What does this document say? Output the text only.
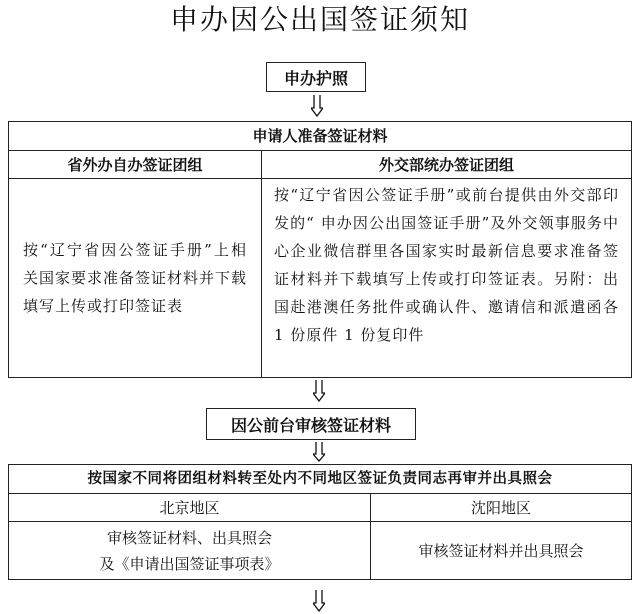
申办因公出国签证须知
申办护照
申请人准备签证材料
省外办自办签证团组	外交部统办签证团组
按“辽宁省因公签证手册”上相关国家要求准备签证材料并下载填写上传或打印签证表
按“辽宁省因公签证手册”或前台提供由外交部印发的“ 申办因公出国签证手册”及外交领事服务中心企业微信群里各国家实时最新信息要求准备签证材料并下载填写上传或打印签证表。另附：出国赴港澳任务批件或确认件、邀请信和派遣函各 1 份原件 1 份复印件
因公前台审核签证材料
按国家不同将团组材料转至处内不同地区签证负责同志再审并出具照会
北京地区	沈阳地区
审核签证材料、出具照会
及《申请出国签证事项表》
审核签证材料并出具照会
